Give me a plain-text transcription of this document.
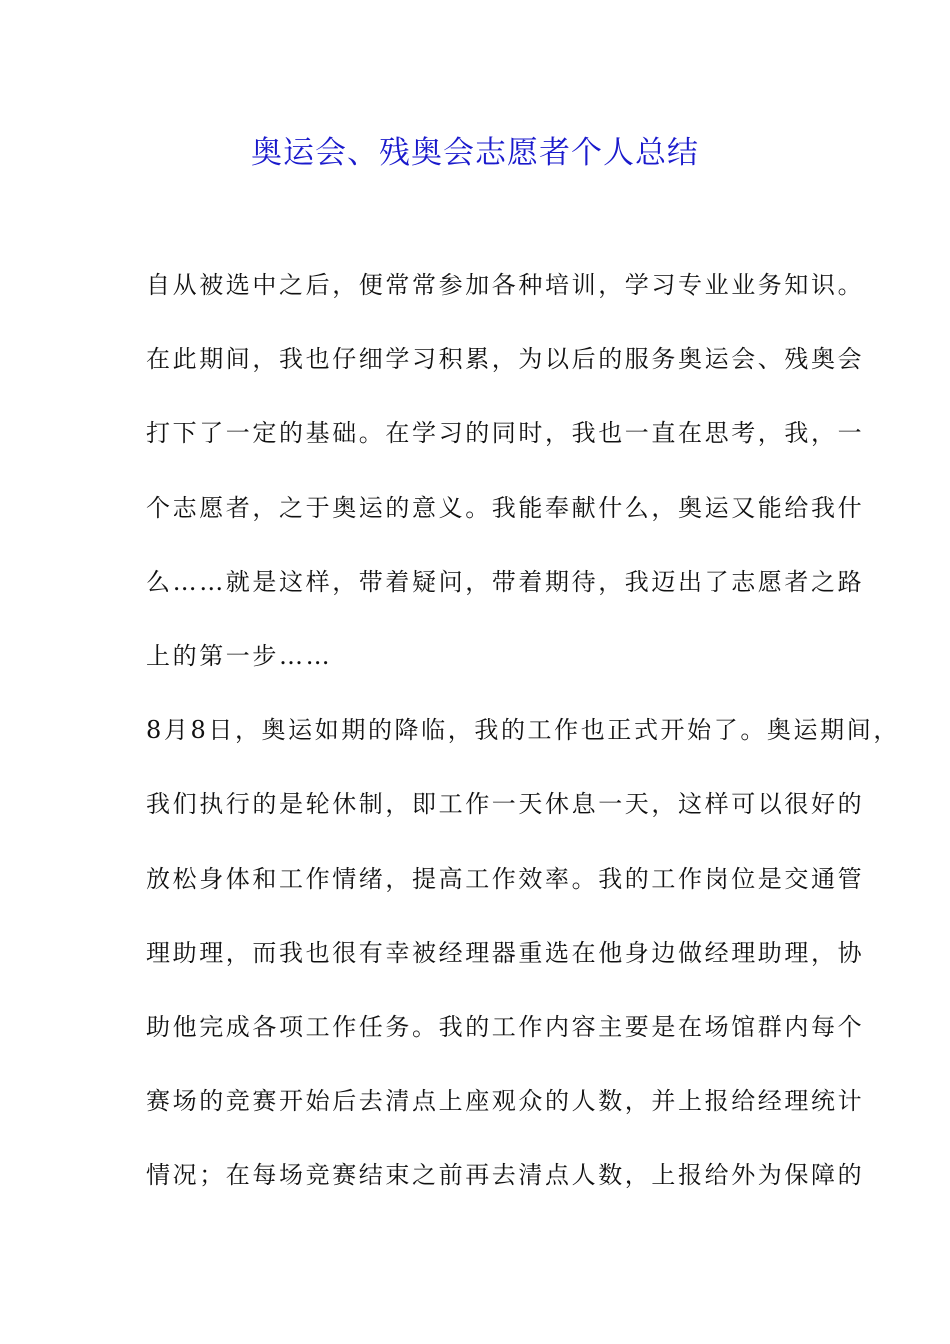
奥运会、残奥会志愿者个人总结
自从被选中之后，便常常参加各种培训，学习专业业务知识。
在此期间，我也仔细学习积累，为以后的服务奥运会、残奥会
打下了一定的基础。在学习的同时，我也一直在思考，我，一
个志愿者，之于奥运的意义。我能奉献什么，奥运又能给我什
么……就是这样，带着疑问，带着期待，我迈出了志愿者之路
上的第一步……
8月8日，奥运如期的降临，我的工作也正式开始了。奥运期间，
我们执行的是轮休制，即工作一天休息一天，这样可以很好的
放松身体和工作情绪，提高工作效率。我的工作岗位是交通管
理助理，而我也很有幸被经理器重选在他身边做经理助理，协
助他完成各项工作任务。我的工作内容主要是在场馆群内每个
赛场的竞赛开始后去清点上座观众的人数，并上报给经理统计
情况；在每场竞赛结束之前再去清点人数，上报给外为保障的
